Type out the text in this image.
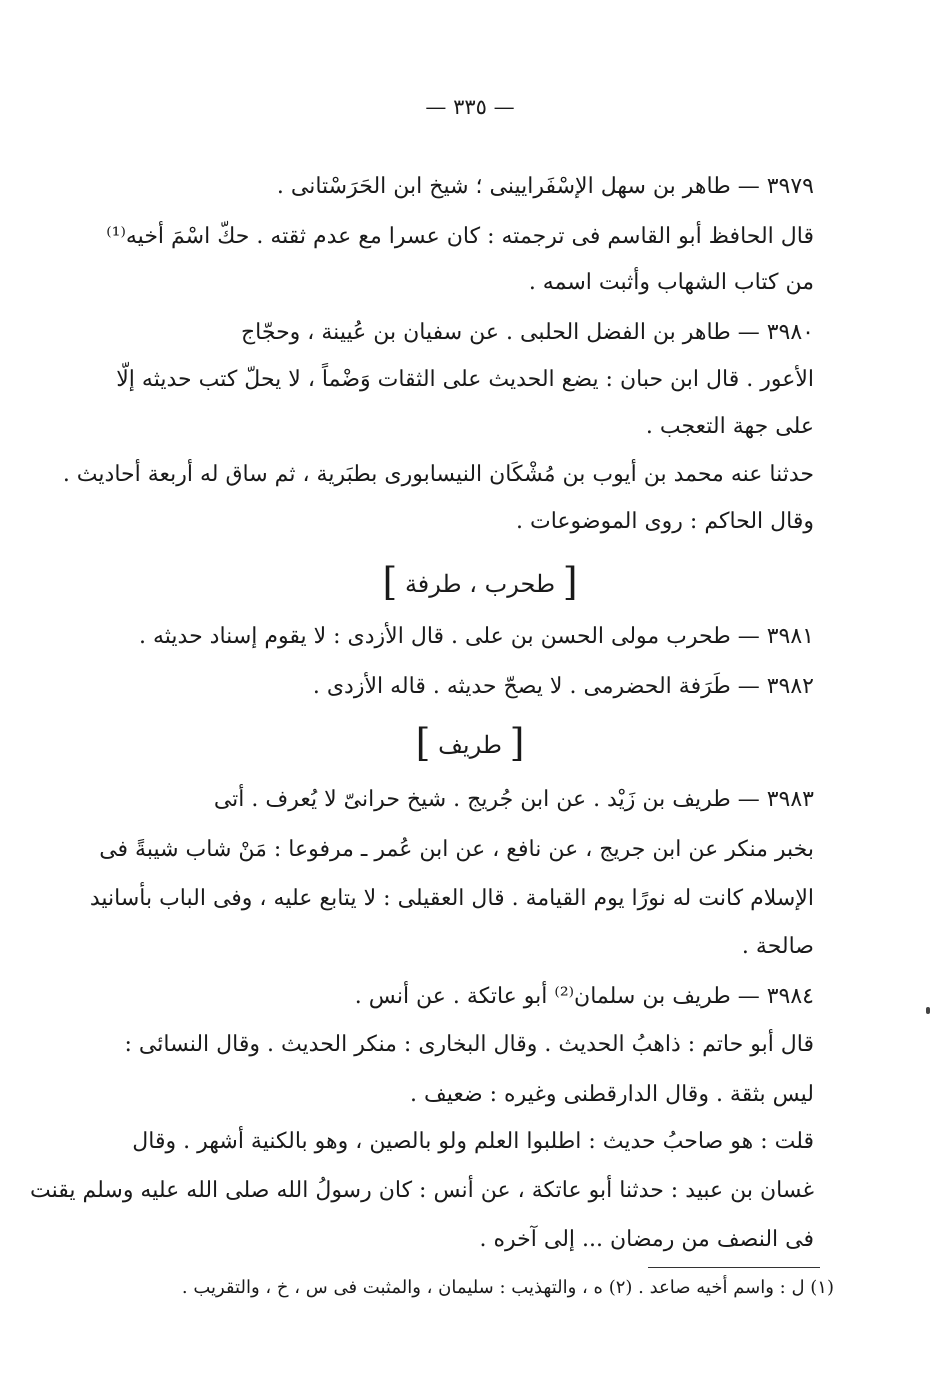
— ٣٣٥ —
٣٩٧٩ — طاهر بن سهل الإسْفَرايينى ؛ شيخ ابن الحَرَسْتانى .
قال الحافظ أبو القاسم فى ترجمته : كان عسرا مع عدم ثقته . حكّ اسْمَ أخيه⁽¹⁾
من كتاب الشهاب وأثبت اسمه .
٣٩٨٠ — طاهر بن الفضل الحلبى . عن سفيان بن عُيينة ، وحجّاج
الأعور . قال ابن حبان : يضع الحديث على الثقات وَضْماً ، لا يحلّ كتب حديثه إلّا
على جهة التعجب .
حدثنا عنه محمد بن أيوب بن مُشْكَان النيسابورى بطبَرية ، ثم ساق له أربعة أحاديث .
وقال الحاكم : روى الموضوعات .
[ طحرب ، طرفة ]
٣٩٨١ — طحرب مولى الحسن بن على . قال الأزدى : لا يقوم إسناد حديثه .
٣٩٨٢ — طَرَفة الحضرمى . لا يصحّ حديثه . قاله الأزدى .
[ طريف ]
٣٩٨٣ — طريف بن زَيْد . عن ابن جُريج . شيخ حرانىّ لا يُعرف . أتى
بخبر منكر عن ابن جريج ، عن نافع ، عن ابن عُمر ـ مرفوعا : مَنْ شاب شيبةً فى
الإسلام كانت له نورًا يوم القيامة . قال العقيلى : لا يتابع عليه ، وفى الباب بأسانيد
صالحة .
٣٩٨٤ — طريف بن سلمان⁽²⁾ أبو عاتكة . عن أنس .
قال أبو حاتم : ذاهبُ الحديث . وقال البخارى : منكر الحديث . وقال النسائى :
ليس بثقة . وقال الدارقطنى وغيره : ضعيف .
قلت : هو صاحبُ حديث : اطلبوا العلم ولو بالصين ، وهو بالكنية أشهر . وقال
غسان بن عبيد : حدثنا أبو عاتكة ، عن أنس : كان رسولُ الله صلى الله عليه وسلم يقنت
فى النصف من رمضان ... إلى آخره .
(١) ل : واسم أخيه صاعد . (٢) ه ، والتهذيب : سليمان ، والمثبت فى س ، خ ، والتقريب .
